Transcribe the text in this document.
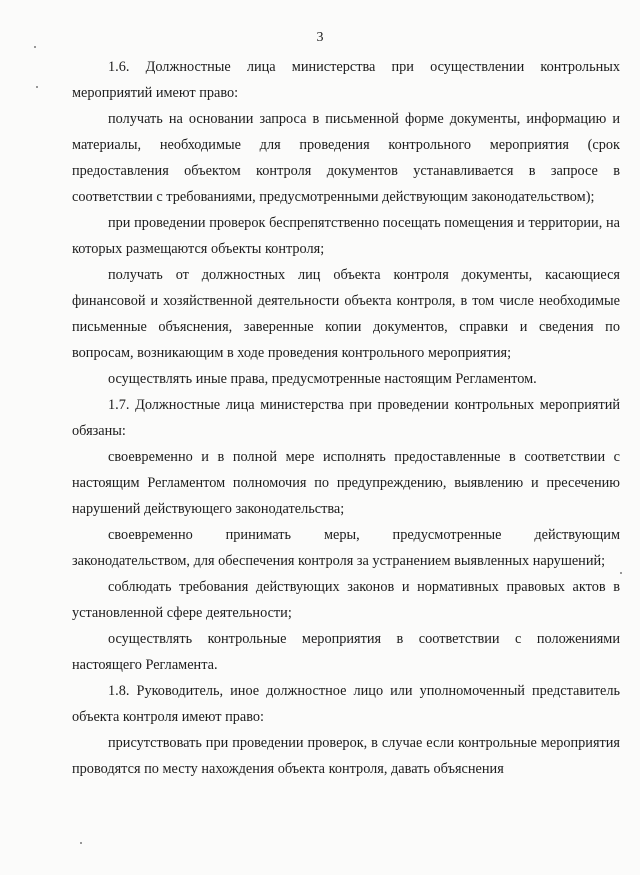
3

1.6. Должностные лица министерства при осуществлении контрольных мероприятий имеют право:

получать на основании запроса в письменной форме документы, информацию и материалы, необходимые для проведения контрольного мероприятия (срок предоставления объектом контроля документов устанавливается в запросе в соответствии с требованиями, предусмотренными действующим законодательством);

при проведении проверок беспрепятственно посещать помещения и территории, на которых размещаются объекты контроля;

получать от должностных лиц объекта контроля документы, касающиеся финансовой и хозяйственной деятельности объекта контроля, в том числе необходимые письменные объяснения, заверенные копии документов, справки и сведения по вопросам, возникающим в ходе проведения контрольного мероприятия;

осуществлять иные права, предусмотренные настоящим Регламентом.

1.7. Должностные лица министерства при проведении контрольных мероприятий обязаны:

своевременно и в полной мере исполнять предоставленные в соответствии с настоящим Регламентом полномочия по предупреждению, выявлению и пресечению нарушений действующего законодательства;

своевременно принимать меры, предусмотренные действующим законодательством, для обеспечения контроля за устранением выявленных нарушений;

соблюдать требования действующих законов и нормативных правовых актов в установленной сфере деятельности;

осуществлять контрольные мероприятия в соответствии с положениями настоящего Регламента.

1.8. Руководитель, иное должностное лицо или уполномоченный представитель объекта контроля имеют право:

присутствовать при проведении проверок, в случае если контрольные мероприятия проводятся по месту нахождения объекта контроля, давать объяснения
